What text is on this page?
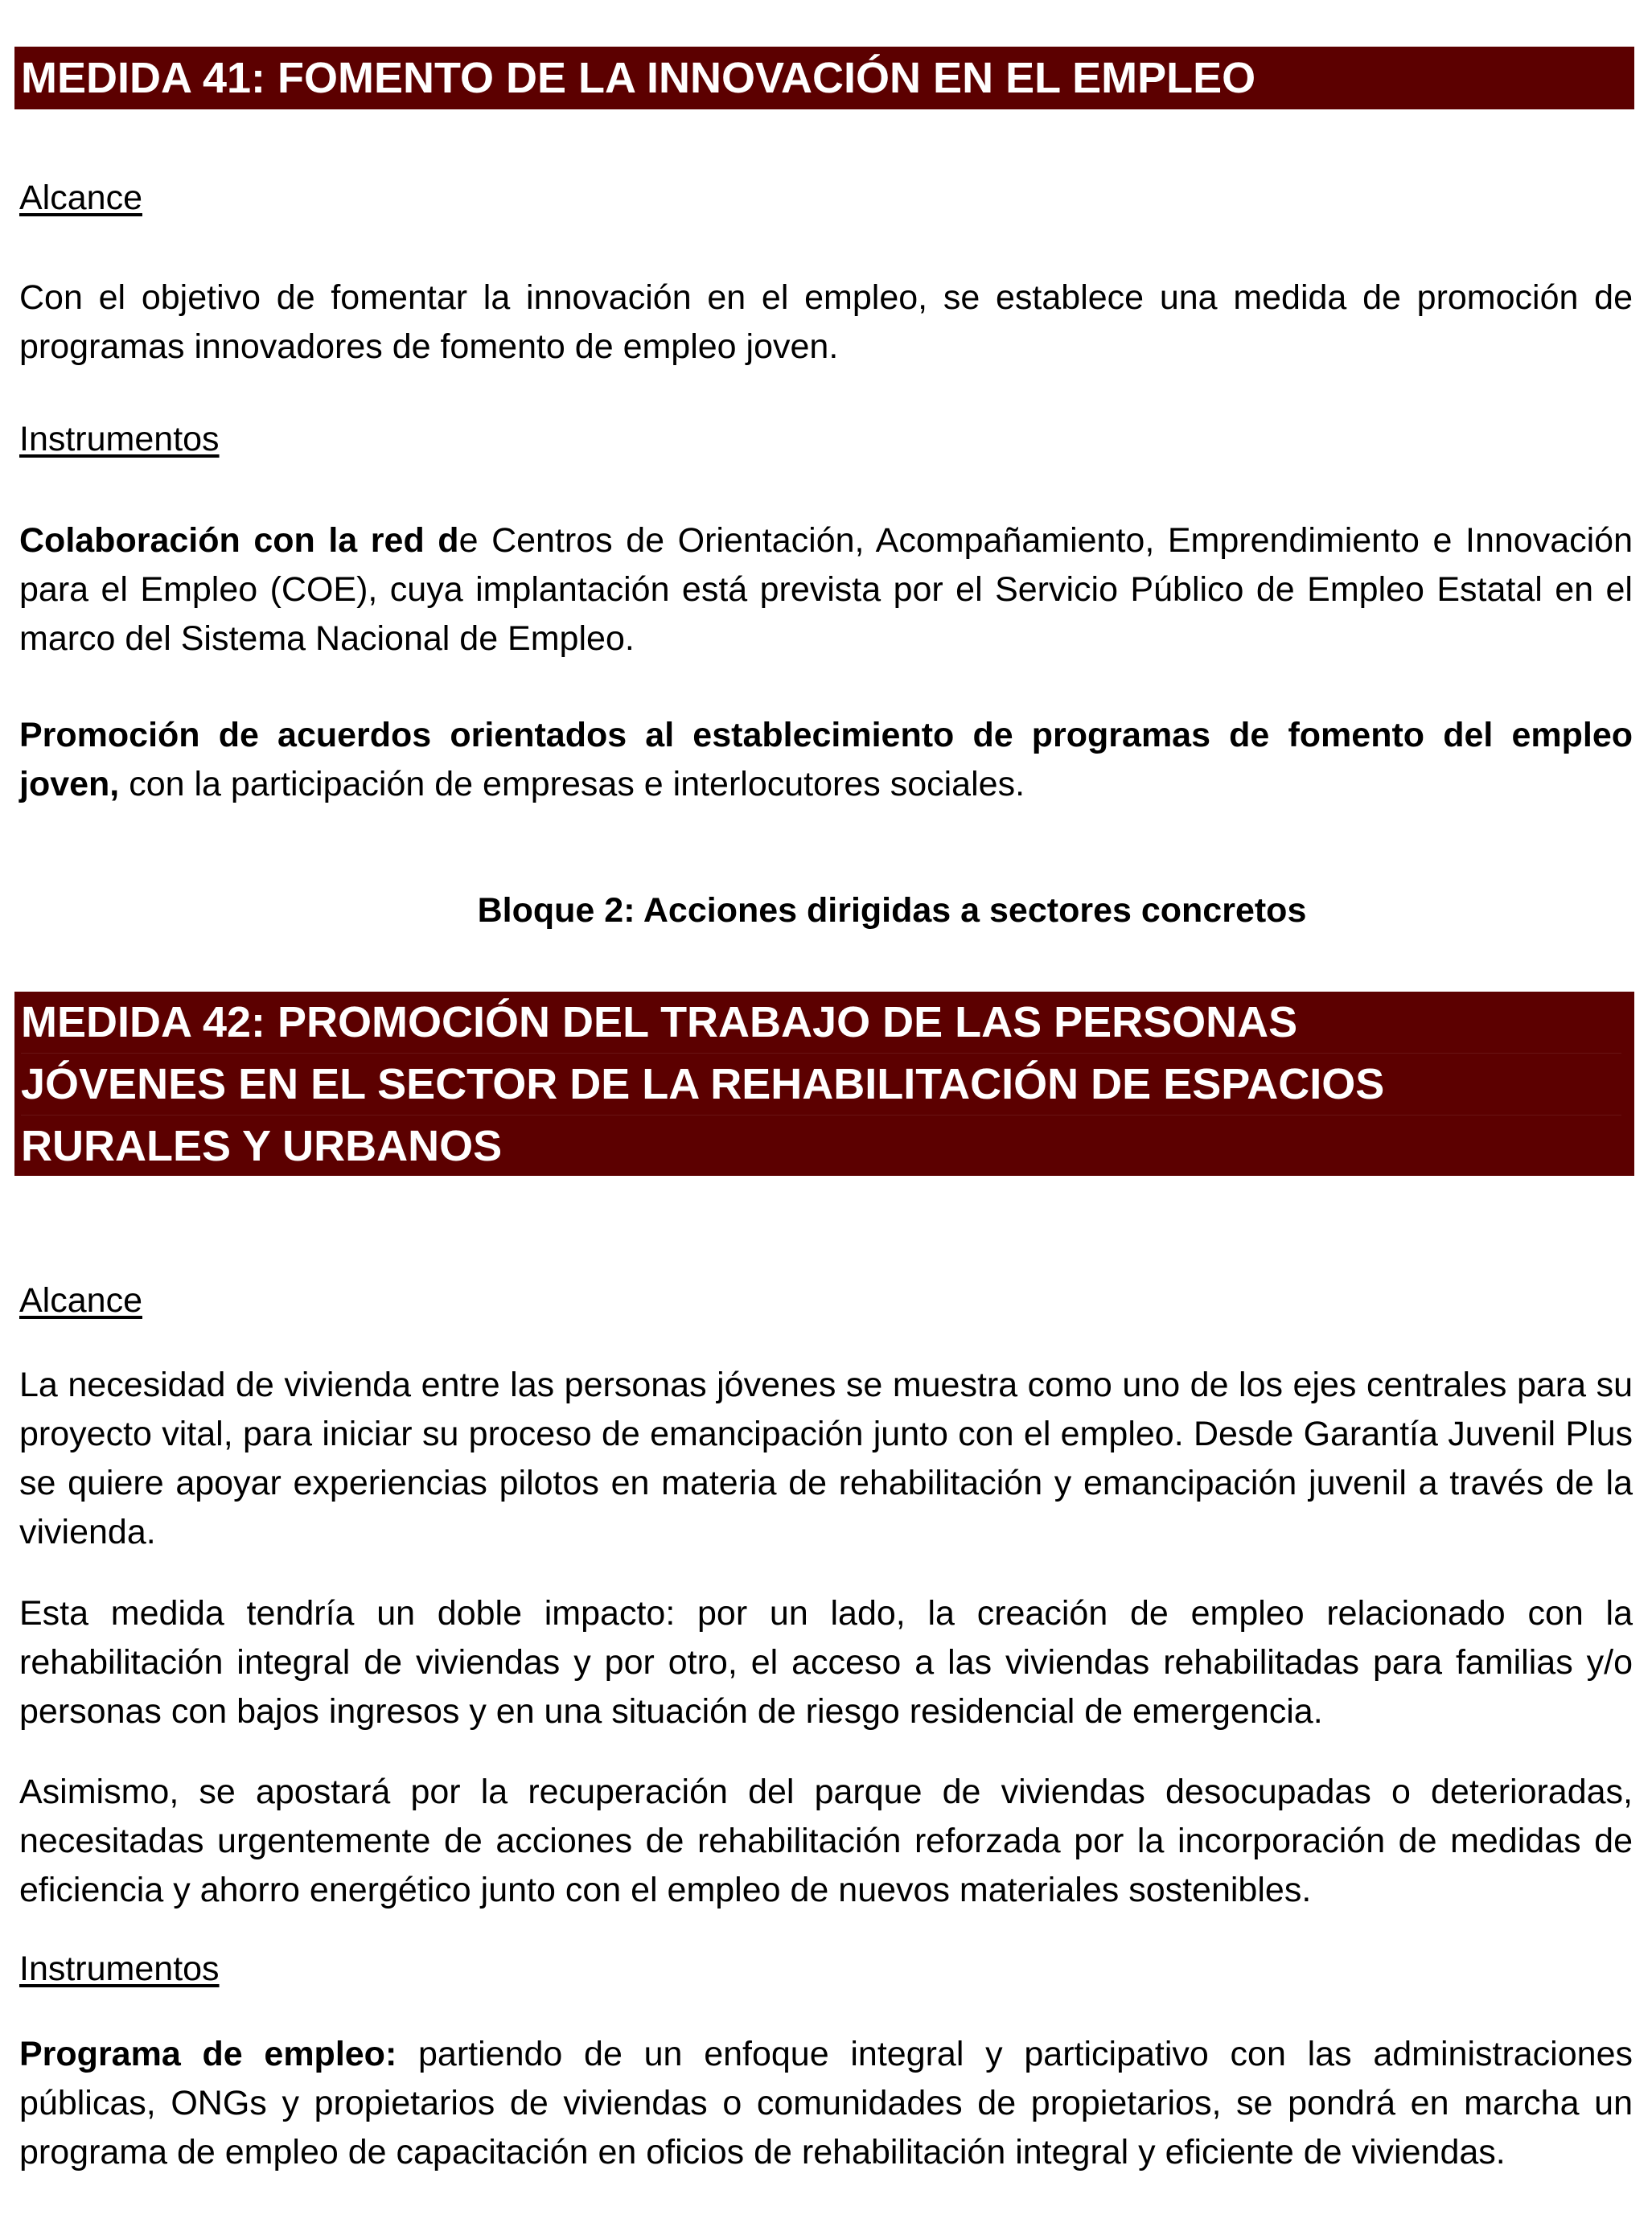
MEDIDA 41: FOMENTO DE LA INNOVACIÓN EN EL EMPLEO
Alcance
Con el objetivo de fomentar la innovación en el empleo, se establece una medida de promoción de programas innovadores de fomento de empleo joven.
Instrumentos
Colaboración con la red de Centros de Orientación, Acompañamiento, Emprendimiento e Innovación para el Empleo (COE), cuya implantación está prevista por el Servicio Público de Empleo Estatal en el marco del Sistema Nacional de Empleo.
Promoción de acuerdos orientados al establecimiento de programas de fomento del empleo joven, con la participación de empresas e interlocutores sociales.
Bloque 2: Acciones dirigidas a sectores concretos
MEDIDA 42: PROMOCIÓN DEL TRABAJO DE LAS PERSONAS
JÓVENES EN EL SECTOR DE LA REHABILITACIÓN DE ESPACIOS
RURALES Y URBANOS
Alcance
La necesidad de vivienda entre las personas jóvenes se muestra como uno de los ejes centrales para su proyecto vital, para iniciar su proceso de emancipación junto con el empleo. Desde Garantía Juvenil Plus se quiere apoyar experiencias pilotos en materia de rehabilitación y emancipación juvenil a través de la vivienda.
Esta medida tendría un doble impacto: por un lado, la creación de empleo relacionado con la rehabilitación integral de viviendas y por otro, el acceso a las viviendas rehabilitadas para familias y/o personas con bajos ingresos y en una situación de riesgo residencial de emergencia.
Asimismo, se apostará por la recuperación del parque de viviendas desocupadas o deterioradas, necesitadas urgentemente de acciones de rehabilitación reforzada por la incorporación de medidas de eficiencia y ahorro energético junto con el empleo de nuevos materiales sostenibles.
Instrumentos
Programa de empleo: partiendo de un enfoque integral y participativo con las administraciones públicas, ONGs y propietarios de viviendas o comunidades de propietarios, se pondrá en marcha un programa de empleo de capacitación en oficios de rehabilitación integral y eficiente de viviendas.
